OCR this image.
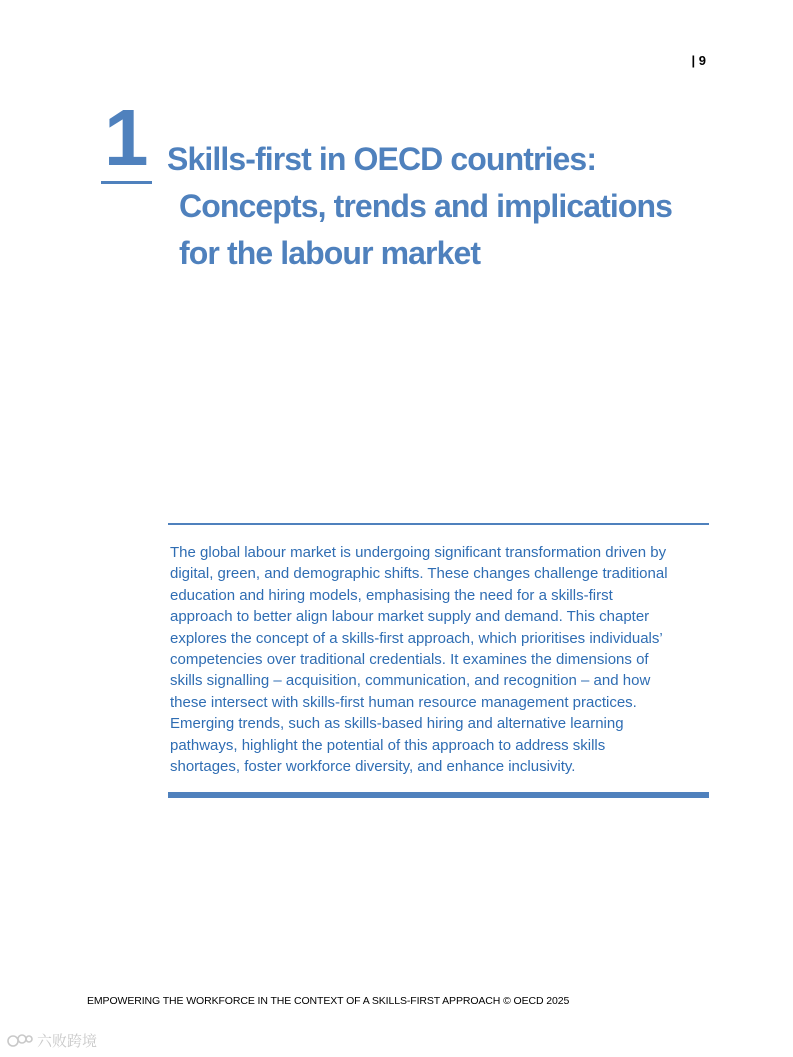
| 9
1 Skills-first in OECD countries:
Concepts, trends and implications
for the labour market
The global labour market is undergoing significant transformation driven by
digital, green, and demographic shifts. These changes challenge traditional
education and hiring models, emphasising the need for a skills-first
approach to better align labour market supply and demand. This chapter
explores the concept of a skills-first approach, which prioritises individuals’
competencies over traditional credentials. It examines the dimensions of
skills signalling – acquisition, communication, and recognition – and how
these intersect with skills-first human resource management practices.
Emerging trends, such as skills-based hiring and alternative learning
pathways, highlight the potential of this approach to address skills
shortages, foster workforce diversity, and enhance inclusivity.
EMPOWERING THE WORKFORCE IN THE CONTEXT OF A SKILLS-FIRST APPROACH © OECD 2025
六败跨境
